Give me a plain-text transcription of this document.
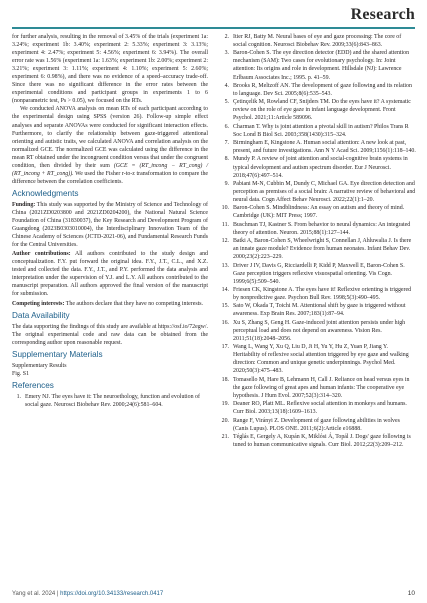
Research

for further analysis, resulting in the removal of 3.45% of the trials (experiment 1a: 3.24%; experiment 1b: 3.40%; experiment 2: 5.33%; experiment 3: 3.13%; experiment 4: 2.47%; experiment 5: 4.56%; experiment 6: 3.94%). The overall error rate was 1.56% (experiment 1a: 1.63%; experiment 1b: 2.00%; experiment 2: 3.21%; experiment 3: 1.11%; experiment 4: 1.10%; experiment 5: 2.60%; experiment 6: 0.98%), and there was no evidence of a speed–accuracy trade-off. Since there was no significant difference in the error rates between the experimental conditions and participant groups in experiments 1 to 6 (nonparametric test, Ps > 0.05), we focused on the RTs.

We conducted ANOVA analysis on mean RTs of each participant according to the experimental design using SPSS (version 26). Follow-up simple effect analyses and separate ANOVAs were conducted for significant interaction effects. Furthermore, to clarify the relationship between gaze-triggered attentional orienting and autistic traits, we calculated ANOVA and correlation analysis on the normalized GCE. The normalized GCE was calculated using the difference in the mean RT obtained under the incongruent condition versus that under the congruent condition, then divided by their sum (GCE = (RT_incong − RT_cong) / (RT_incong + RT_cong)). We used the Fisher r-to-z transformation to compare the difference between the correlation coefficients.

Acknowledgments

Funding: This study was supported by the Ministry of Science and Technology of China (2021ZD0203800 and 2021ZD0204200), the National Natural Science Foundation of China (31830037), the Key Research and Development Program of Guangdong (2023B0303010004), the Interdisciplinary Innovation Team of the Chinese Academy of Sciences (JCTD-2021-06), and Fundamental Research Funds for the Central Universities.

Author contributions: All authors contributed to the study design and conceptualization. F.Y. put forward the original idea. F.Y., J.T., C.L., and X.Z. tested and collected the data. F.Y., J.T., and P.Y. performed the data analysis and interpretation under the supervision of Y.J. and L.Y. All authors contributed to the manuscript preparation. All authors approved the final version of the manuscript for submission.

Competing interests: The authors declare that they have no competing interests.

Data Availability

The data supporting the findings of this study are available at https://osf.io/72egw/. The original experimental code and raw data can be obtained from the corresponding author upon reasonable request.

Supplementary Materials

Supplementary Results

Fig. S1

References
1. Emery NJ. The eyes have it: The neuroethology, function and evolution of social gaze. Neurosci Biobehav Rev. 2000;24(6):581–604.
2. Itier RJ, Batty M. Neural bases of eye and gaze processing: The core of social cognition. Neurosci Biobehav Rev. 2009;33(6):843–863.
3. Baron-Cohen S. The eye direction detector (EDD) and the shared attention mechanism (SAM): Two cases for evolutionary psychology. In: Joint attention: Its origins and role in development. Hillsdale (NJ): Lawrence Erlbaum Associates Inc.; 1995. p. 41–59.
4. Brooks R, Meltzoff AN. The development of gaze following and its relation to language. Dev Sci. 2005;8(6):535–543.
5. Çetinçelik M, Rowland CF, Snijders TM. Do the eyes have it? A systematic review on the role of eye gaze in infant language development. Front Psychol. 2021;11:Article 589096.
6. Charman T. Why is joint attention a pivotal skill in autism? Philos Trans R Soc Lond B Biol Sci. 2003;358(1430):315–324.
7. Birmingham E, Kingstone A. Human social attention: A new look at past, present, and future investigations. Ann N Y Acad Sci. 2009;1156(1):118–140.
8. Mundy P. A review of joint attention and social-cognitive brain systems in typical development and autism spectrum disorder. Eur J Neurosci. 2018;47(6):497–514.
9. Pabiani M-N, Cubbin M, Dundy C, Michael GA. Eye direction detection and perception as premises of a social brain: A narrative review of behavioral and neural data. Cogn Affect Behav Neurosci. 2022;22(1):1–20.
10. Baron-Cohen S. Mindblindness: An essay on autism and theory of mind. Cambridge (UK): MIT Press; 1997.
11. Buschman TJ, Kastner S. From behavior to neural dynamics: An integrated theory of attention. Neuron. 2015;88(1):127–144.
12. Batki A, Baron-Cohen S, Wheelwright S, Connellan J, Ahluwalia J. Is there an innate gaze module? Evidence from human neonates. Infant Behav Dev. 2000;23(2):223–229.
13. Driver J IV, Davis G, Ricciardelli P, Kidd P, Maxwell E, Baron-Cohen S. Gaze perception triggers reflexive visuospatial orienting. Vis Cogn. 1999;6(5):509–540.
14. Friesen CK, Kingstone A. The eyes have it! Reflexive orienting is triggered by nonpredictive gaze. Psychon Bull Rev. 1998;5(3):490–495.
15. Sato W, Okada T, Toichi M. Attentional shift by gaze is triggered without awareness. Exp Brain Res. 2007;183(1):87–94.
16. Xu S, Zhang S, Geng H. Gaze-induced joint attention persists under high perceptual load and does not depend on awareness. Vision Res. 2011;51(18):2048–2056.
17. Wang L, Wang Y, Xu Q, Liu D, Ji H, Yu Y, Hu Z, Yuan P, Jiang Y. Heritability of reflexive social attention triggered by eye gaze and walking direction: Common and unique genetic underpinnings. Psychol Med. 2020;50(3):475–483.
18. Tomasello M, Hare B, Lehmann H, Call J. Reliance on head versus eyes in the gaze following of great apes and human infants: The cooperative eye hypothesis. J Hum Evol. 2007;52(3):314–320.
19. Deaner RO, Platt ML. Reflexive social attention in monkeys and humans. Curr Biol. 2003;13(18):1609–1613.
20. Range F, Virányi Z. Development of gaze following abilities in wolves (Canis Lupus). PLOS ONE. 2011;6(2):Article e16888.
21. Téglás E, Gergely A, Kupán K, Miklósi Á, Topál J. Dogs' gaze following is tuned to human communicative signals. Curr Biol. 2012;22(3):209–212.
Yang et al. 2024 | https://doi.org/10.34133/research.0417	10
